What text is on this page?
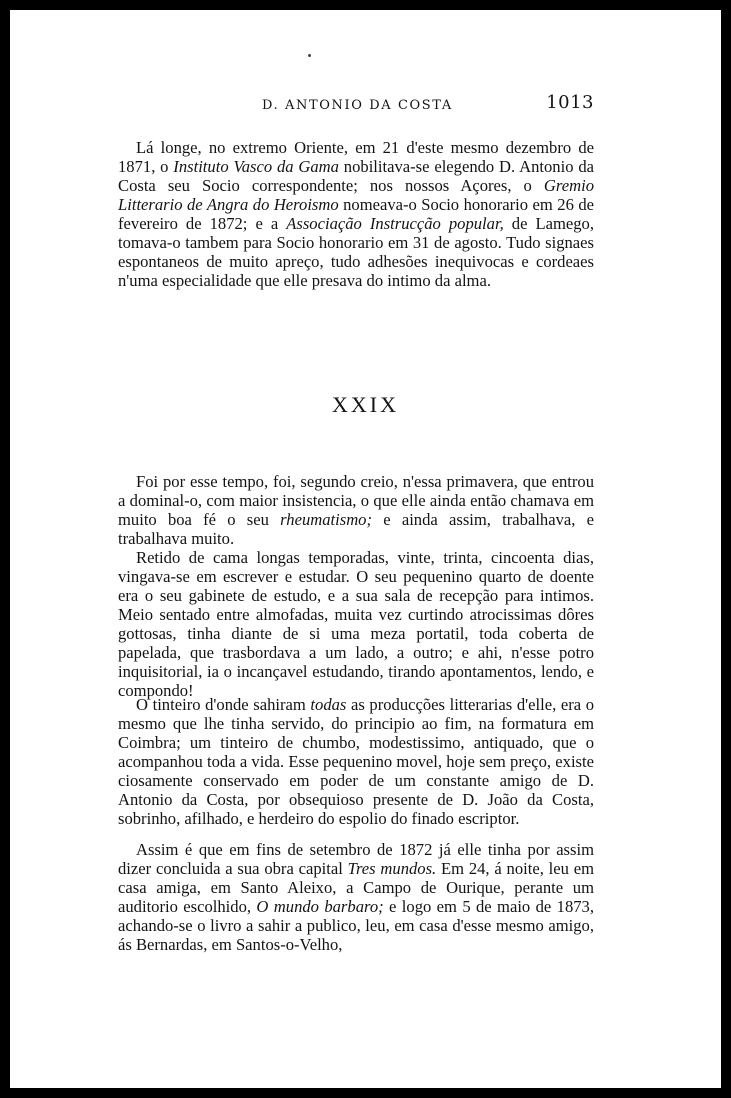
D. ANTONIO DA COSTA	1013

Lá longe, no extremo Oriente, em 21 d'este mesmo dezembro de 1871, o Instituto Vasco da Gama nobilitava-se elegendo D. Antonio da Costa seu Socio correspondente; nos nossos Açores, o Gremio Litterario de Angra do Heroismo nomeava-o Socio honorario em 26 de fevereiro de 1872; e a Associação Instrucção popular, de Lamego, tomava-o tambem para Socio honorario em 31 de agosto. Tudo signaes espontaneos de muito apreço, tudo adhesões inequivocas e cordeaes n'uma especialidade que elle presava do intimo da alma.

XXIX

Foi por esse tempo, foi, segundo creio, n'essa primavera, que entrou a dominal-o, com maior insistencia, o que elle ainda então chamava em muito boa fé o seu rheumatismo; e ainda assim, trabalhava, e trabalhava muito.

Retido de cama longas temporadas, vinte, trinta, cincoenta dias, vingava-se em escrever e estudar. O seu pequenino quarto de doente era o seu gabinete de estudo, e a sua sala de recepção para intimos. Meio sentado entre almofadas, muita vez curtindo atrocissimas dôres gottosas, tinha diante de si uma meza portatil, toda coberta de papelada, que trasbordava a um lado, a outro; e ahi, n'esse potro inquisitorial, ia o incançavel estudando, tirando apontamentos, lendo, e compondo!

O tinteiro d'onde sahiram todas as producções litterarias d'elle, era o mesmo que lhe tinha servido, do principio ao fim, na formatura em Coimbra; um tinteiro de chumbo, modestissimo, antiquado, que o acompanhou toda a vida. Esse pequenino movel, hoje sem preço, existe ciosamente conservado em poder de um constante amigo de D. Antonio da Costa, por obsequioso presente de D. João da Costa, sobrinho, afilhado, e herdeiro do espolio do finado escriptor.

Assim é que em fins de setembro de 1872 já elle tinha por assim dizer concluida a sua obra capital Tres mundos. Em 24, á noite, leu em casa amiga, em Santo Aleixo, a Campo de Ourique, perante um auditorio escolhido, O mundo barbaro; e logo em 5 de maio de 1873, achando-se o livro a sahir a publico, leu, em casa d'esse mesmo amigo, ás Bernardas, em Santos-o-Velho,
